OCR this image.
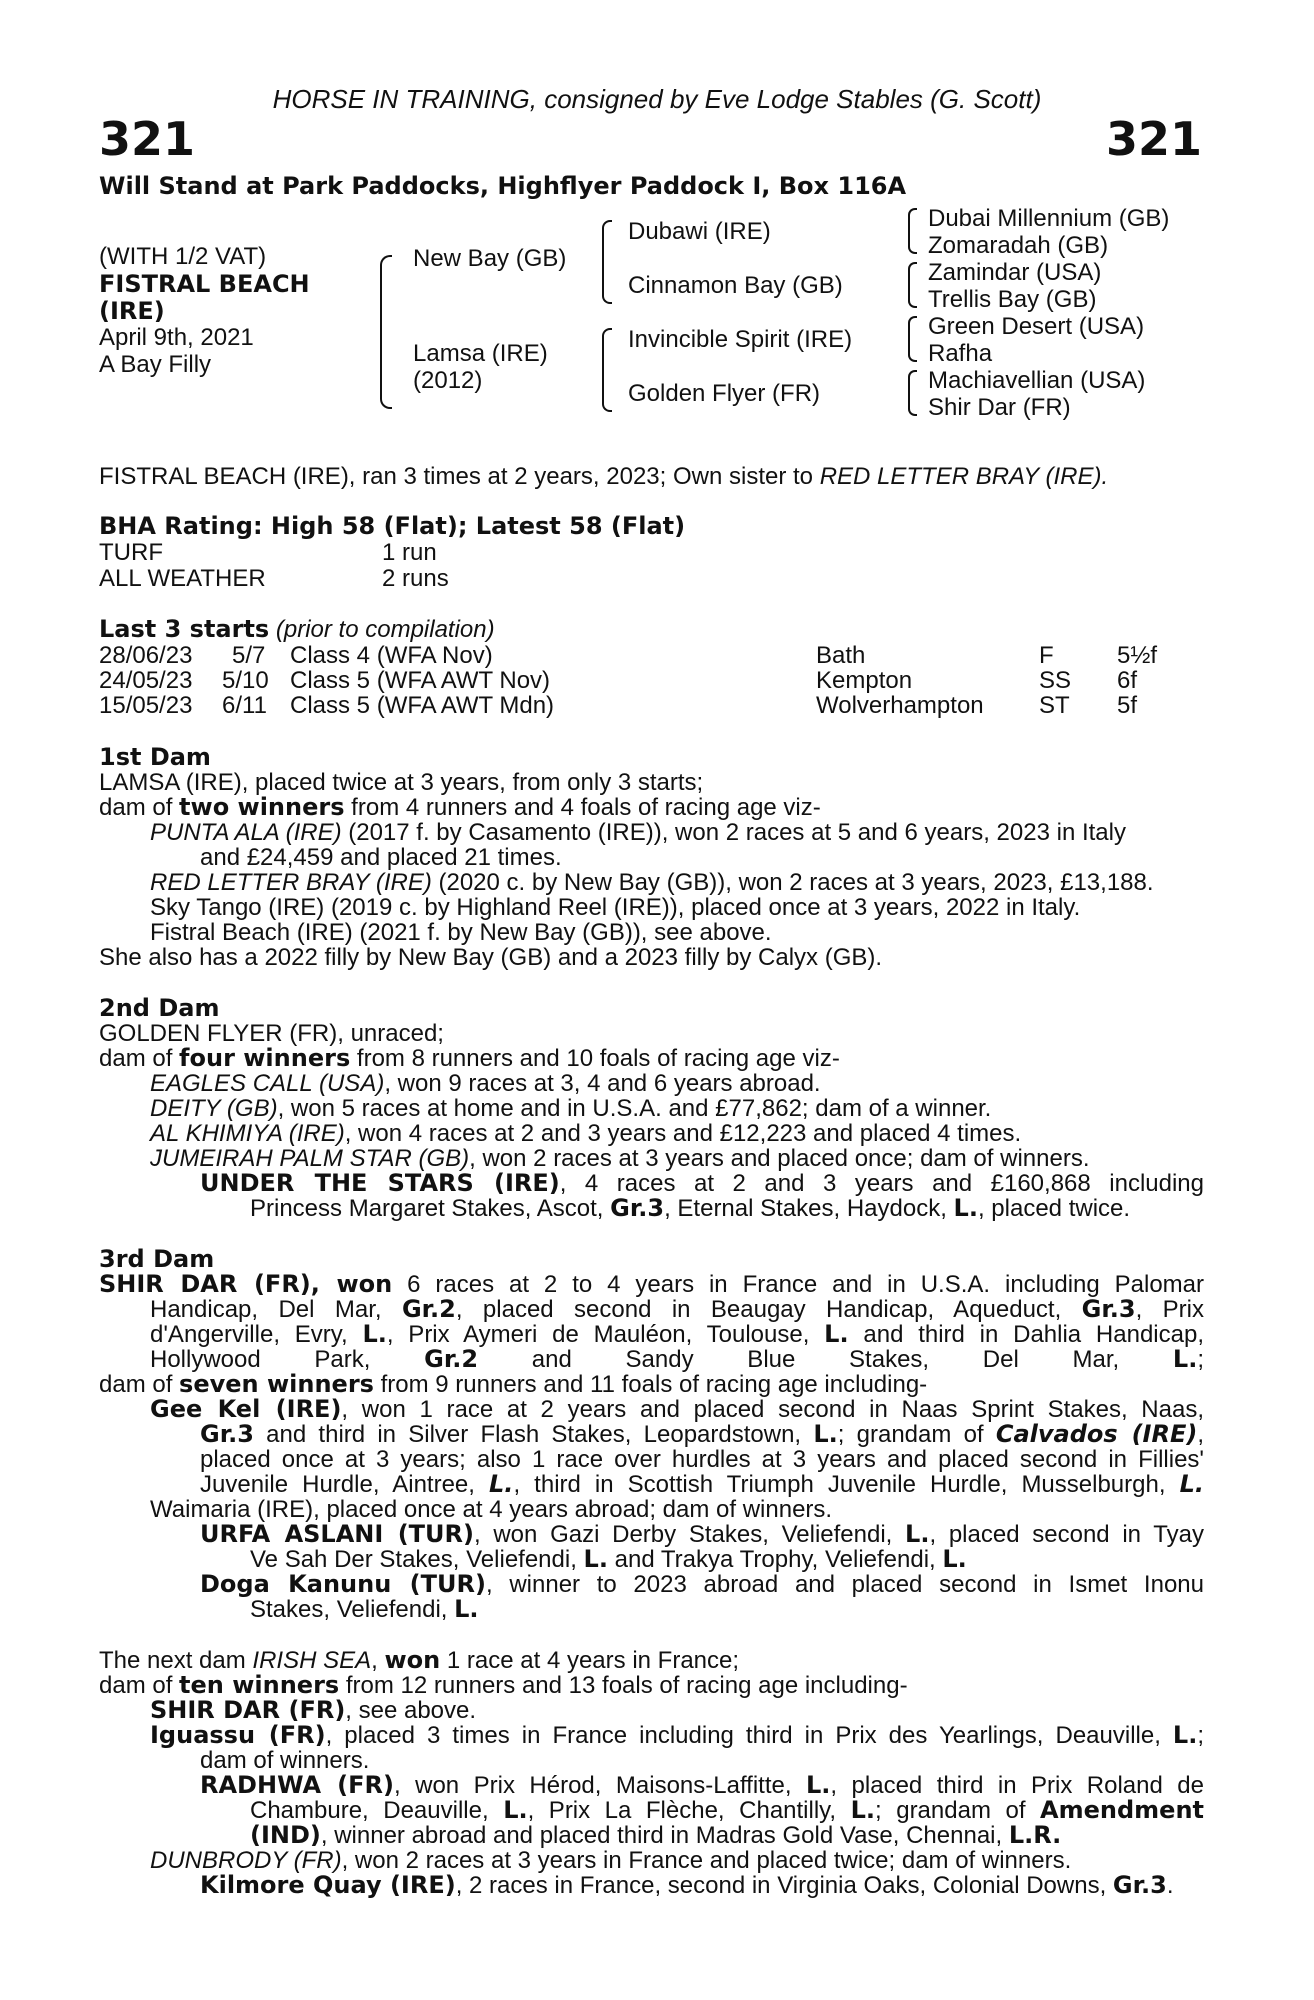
HORSE IN TRAINING, consigned by Eve Lodge Stables (G. Scott)
321	321
Will Stand at Park Paddocks, Highflyer Paddock I, Box 116A
(WITH 1/2 VAT)
FISTRAL BEACH
(IRE)
April 9th, 2021
A Bay Filly
New Bay (GB)
Lamsa (IRE)
(2012)
Dubawi (IRE)
Cinnamon Bay (GB)
Invincible Spirit (IRE)
Golden Flyer (FR)
Dubai Millennium (GB)
Zomaradah (GB)
Zamindar (USA)
Trellis Bay (GB)
Green Desert (USA)
Rafha
Machiavellian (USA)
Shir Dar (FR)
FISTRAL BEACH (IRE), ran 3 times at 2 years, 2023; Own sister to RED LETTER BRAY (IRE).
BHA Rating: High 58 (Flat); Latest 58 (Flat)
TURF	1 run
ALL WEATHER	2 runs
Last 3 starts (prior to compilation)
28/06/23 5/7 Class 4 (WFA Nov)	Bath	F	5½f
24/05/23 5/10 Class 5 (WFA AWT Nov)	Kempton	SS 6f
15/05/23 6/11 Class 5 (WFA AWT Mdn)	Wolverhampton ST 5f
1st Dam
LAMSA (IRE), placed twice at 3 years, from only 3 starts;
dam of two winners from 4 runners and 4 foals of racing age viz-
PUNTA ALA (IRE) (2017 f. by Casamento (IRE)), won 2 races at 5 and 6 years, 2023 in Italy
and £24,459 and placed 21 times.
RED LETTER BRAY (IRE) (2020 c. by New Bay (GB)), won 2 races at 3 years, 2023, £13,188.
Sky Tango (IRE) (2019 c. by Highland Reel (IRE)), placed once at 3 years, 2022 in Italy.
Fistral Beach (IRE) (2021 f. by New Bay (GB)), see above.
She also has a 2022 filly by New Bay (GB) and a 2023 filly by Calyx (GB).
2nd Dam
GOLDEN FLYER (FR), unraced;
dam of four winners from 8 runners and 10 foals of racing age viz-
EAGLES CALL (USA), won 9 races at 3, 4 and 6 years abroad.
DEITY (GB), won 5 races at home and in U.S.A. and £77,862; dam of a winner.
AL KHIMIYA (IRE), won 4 races at 2 and 3 years and £12,223 and placed 4 times.
JUMEIRAH PALM STAR (GB), won 2 races at 3 years and placed once; dam of winners.
UNDER THE STARS (IRE), 4 races at 2 and 3 years and £160,868 including
Princess Margaret Stakes, Ascot, Gr.3, Eternal Stakes, Haydock, L., placed twice.
3rd Dam
SHIR DAR (FR), won 6 races at 2 to 4 years in France and in U.S.A. including Palomar
Handicap, Del Mar, Gr.2, placed second in Beaugay Handicap, Aqueduct, Gr.3, Prix
d'Angerville, Evry, L., Prix Aymeri de Mauléon, Toulouse, L. and third in Dahlia Handicap,
Hollywood Park, Gr.2 and Sandy Blue Stakes, Del Mar, L.;
dam of seven winners from 9 runners and 11 foals of racing age including-
Gee Kel (IRE), won 1 race at 2 years and placed second in Naas Sprint Stakes, Naas,
Gr.3 and third in Silver Flash Stakes, Leopardstown, L.; grandam of Calvados (IRE),
placed once at 3 years; also 1 race over hurdles at 3 years and placed second in Fillies'
Juvenile Hurdle, Aintree, L., third in Scottish Triumph Juvenile Hurdle, Musselburgh, L.
Waimaria (IRE), placed once at 4 years abroad; dam of winners.
URFA ASLANI (TUR), won Gazi Derby Stakes, Veliefendi, L., placed second in Tyay
Ve Sah Der Stakes, Veliefendi, L. and Trakya Trophy, Veliefendi, L.
Doga Kanunu (TUR), winner to 2023 abroad and placed second in Ismet Inonu
Stakes, Veliefendi, L.
The next dam IRISH SEA, won 1 race at 4 years in France;
dam of ten winners from 12 runners and 13 foals of racing age including-
SHIR DAR (FR), see above.
Iguassu (FR), placed 3 times in France including third in Prix des Yearlings, Deauville, L.;
dam of winners.
RADHWA (FR), won Prix Hérod, Maisons-Laffitte, L., placed third in Prix Roland de
Chambure, Deauville, L., Prix La Flèche, Chantilly, L.; grandam of Amendment
(IND), winner abroad and placed third in Madras Gold Vase, Chennai, L.R.
DUNBRODY (FR), won 2 races at 3 years in France and placed twice; dam of winners.
Kilmore Quay (IRE), 2 races in France, second in Virginia Oaks, Colonial Downs, Gr.3.
